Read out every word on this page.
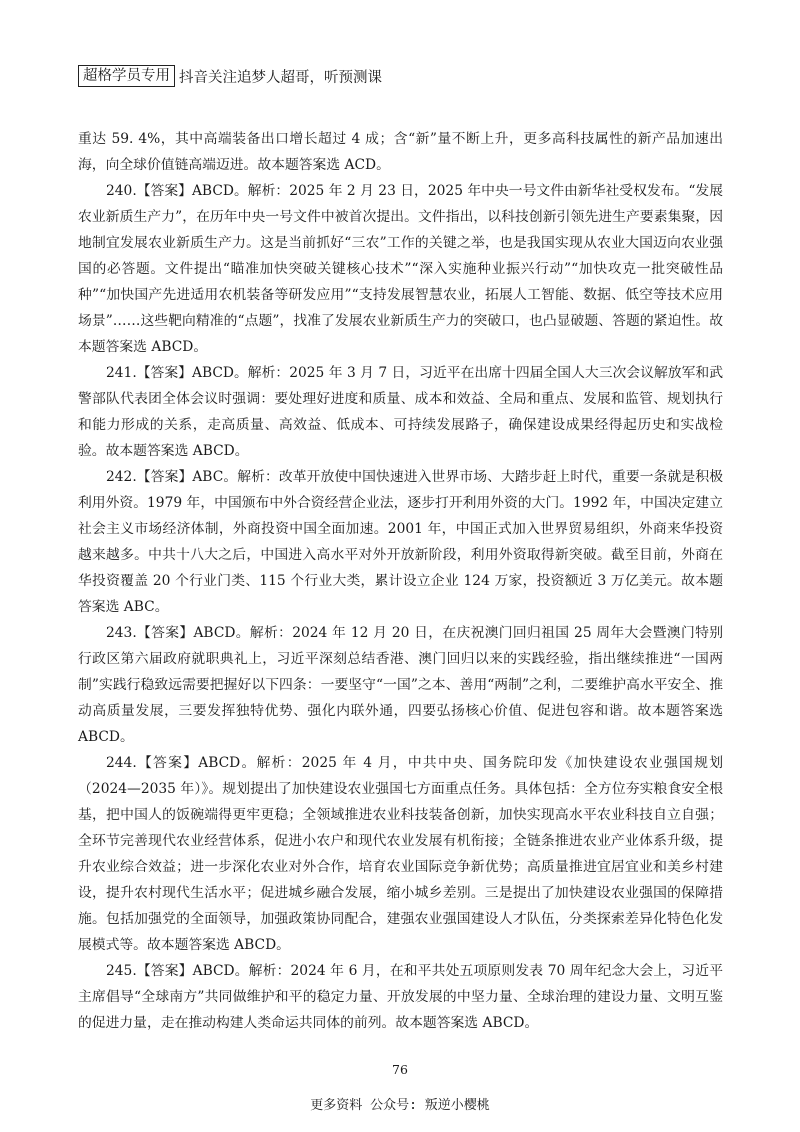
超格学员专用 抖音关注追梦人超哥，听预测课

重达 59. 4%，其中高端装备出口增长超过 4 成；含“新”量不断上升，更多高科技属性的新产品加速出海，向全球价值链高端迈进。故本题答案选 ACD。

240.【答案】ABCD。解析：2025 年 2 月 23 日，2025 年中央一号文件由新华社受权发布。“发展农业新质生产力”，在历年中央一号文件中被首次提出。文件指出，以科技创新引领先进生产要素集聚，因地制宜发展农业新质生产力。这是当前抓好“三农”工作的关键之举，也是我国实现从农业大国迈向农业强国的必答题。文件提出“瞄准加快突破关键核心技术”“深入实施种业振兴行动”“加快攻克一批突破性品种”“加快国产先进适用农机装备等研发应用”“支持发展智慧农业，拓展人工智能、数据、低空等技术应用场景”……这些靶向精准的“点题”，找准了发展农业新质生产力的突破口，也凸显破题、答题的紧迫性。故本题答案选 ABCD。

241.【答案】ABCD。解析：2025 年 3 月 7 日，习近平在出席十四届全国人大三次会议解放军和武警部队代表团全体会议时强调：要处理好进度和质量、成本和效益、全局和重点、发展和监管、规划执行和能力形成的关系，走高质量、高效益、低成本、可持续发展路子，确保建设成果经得起历史和实战检验。故本题答案选 ABCD。

242.【答案】ABC。解析：改革开放使中国快速进入世界市场、大踏步赶上时代，重要一条就是积极利用外资。1979 年，中国颁布中外合资经营企业法，逐步打开利用外资的大门。1992 年，中国决定建立社会主义市场经济体制，外商投资中国全面加速。2001 年，中国正式加入世界贸易组织，外商来华投资越来越多。中共十八大之后，中国进入高水平对外开放新阶段，利用外资取得新突破。截至目前，外商在华投资覆盖 20 个行业门类、115 个行业大类，累计设立企业 124 万家，投资额近 3 万亿美元。故本题答案选 ABC。

243.【答案】ABCD。解析：2024 年 12 月 20 日，在庆祝澳门回归祖国 25 周年大会暨澳门特别行政区第六届政府就职典礼上，习近平深刻总结香港、澳门回归以来的实践经验，指出继续推进“一国两制”实践行稳致远需要把握好以下四条：一要坚守“一国”之本、善用“两制”之利，二要维护高水平安全、推动高质量发展，三要发挥独特优势、强化内联外通，四要弘扬核心价值、促进包容和谐。故本题答案选 ABCD。

244.【答案】ABCD。解析：2025 年 4 月，中共中央、国务院印发《加快建设农业强国规划（2024—2035 年）》。规划提出了加快建设农业强国七方面重点任务。具体包括：全方位夯实粮食安全根基，把中国人的饭碗端得更牢更稳；全领域推进农业科技装备创新，加快实现高水平农业科技自立自强；全环节完善现代农业经营体系，促进小农户和现代农业发展有机衔接；全链条推进农业产业体系升级，提升农业综合效益；进一步深化农业对外合作，培育农业国际竞争新优势；高质量推进宜居宜业和美乡村建设，提升农村现代生活水平；促进城乡融合发展，缩小城乡差别。三是提出了加快建设农业强国的保障措施。包括加强党的全面领导，加强政策协同配合，建强农业强国建设人才队伍，分类探索差异化特色化发展模式等。故本题答案选 ABCD。

245.【答案】ABCD。解析：2024 年 6 月，在和平共处五项原则发表 70 周年纪念大会上，习近平主席倡导“全球南方”共同做维护和平的稳定力量、开放发展的中坚力量、全球治理的建设力量、文明互鉴的促进力量，走在推动构建人类命运共同体的前列。故本题答案选 ABCD。

76
更多资料 公众号: 叛逆小樱桃
